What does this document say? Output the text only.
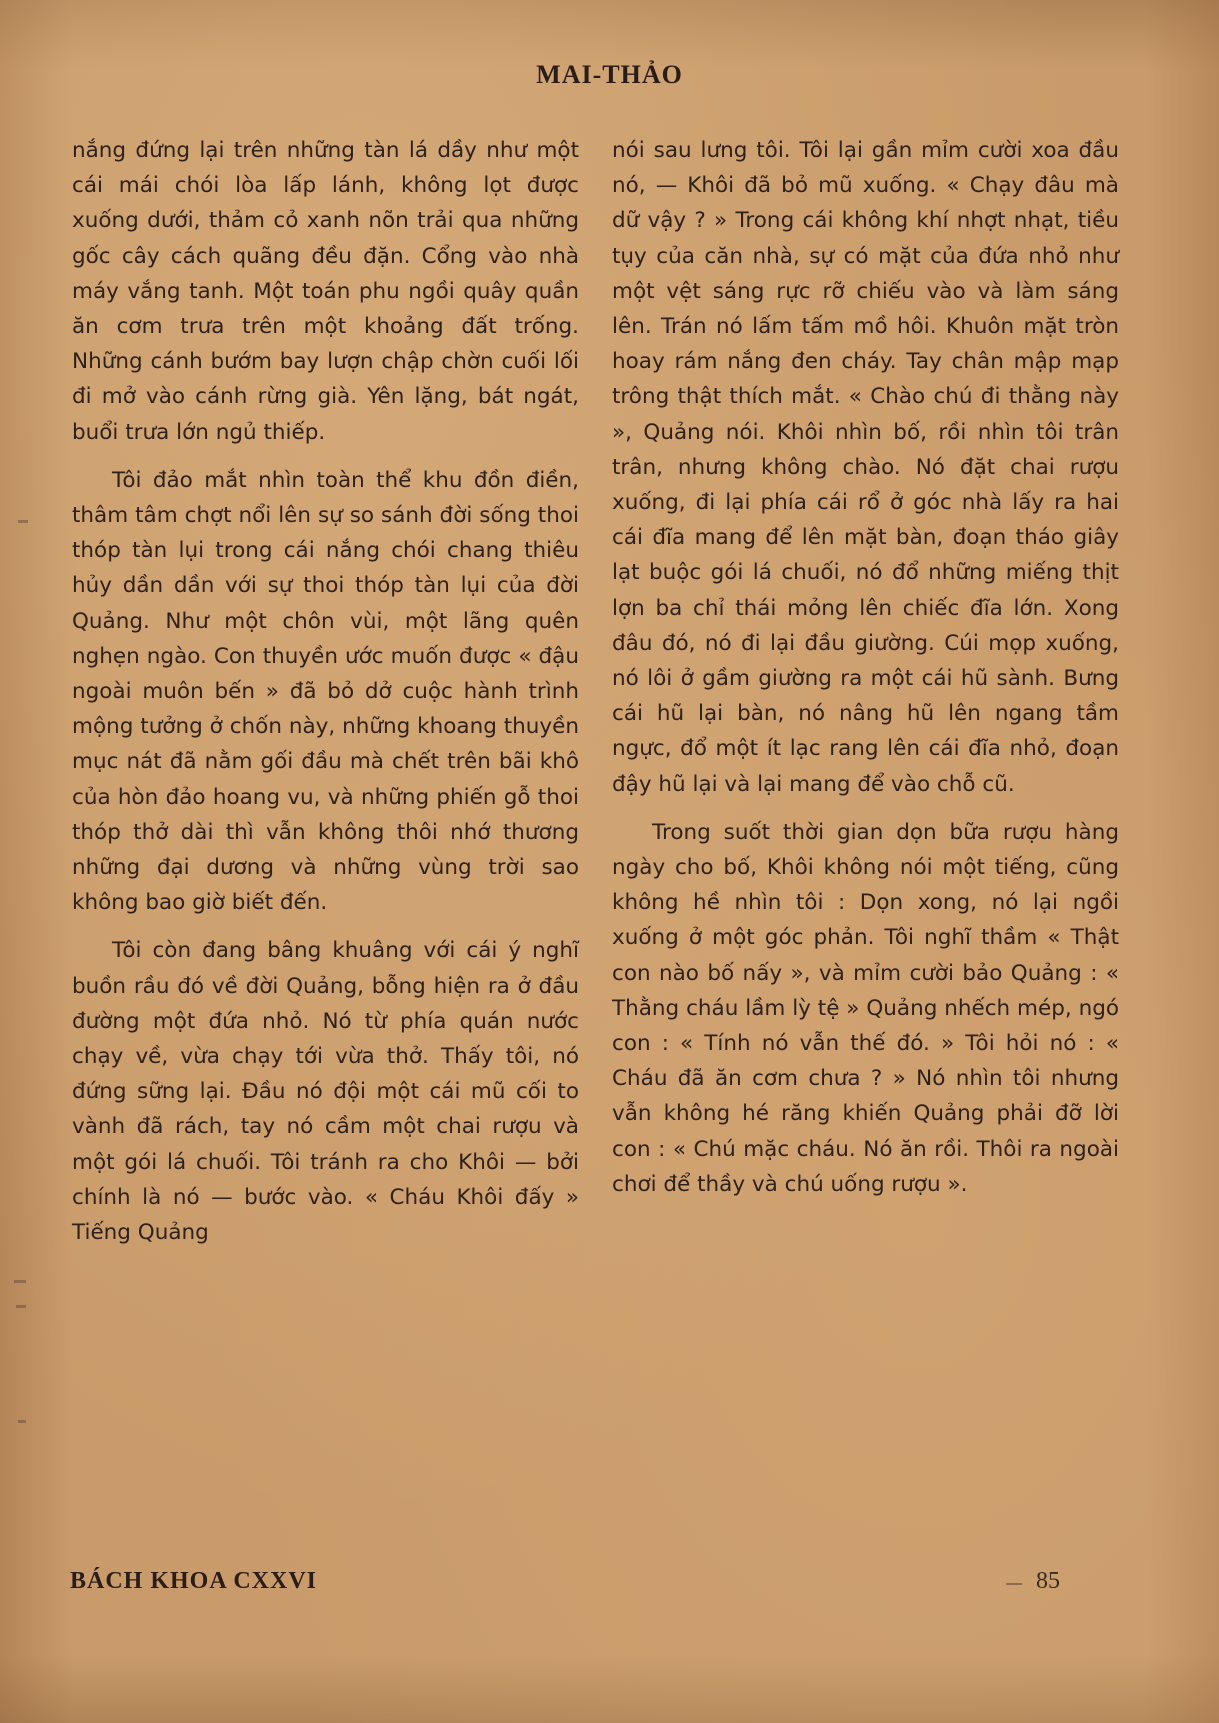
MAI-THẢO

nắng đứng lại trên những tàn lá dầy như một cái mái chói lòa lấp lánh, không lọt được xuống dưới, thảm cỏ xanh nõn trải qua những gốc cây cách quãng đều đặn. Cổng vào nhà máy vắng tanh. Một toán phu ngồi quây quần ăn cơm trưa trên một khoảng đất trống. Những cánh bướm bay lượn chập chờn cuối lối đi mở vào cánh rừng già. Yên lặng, bát ngát, buổi trưa lớn ngủ thiếp.

Tôi đảo mắt nhìn toàn thể khu đồn điền, thâm tâm chợt nổi lên sự so sánh đời sống thoi thóp tàn lụi trong cái nắng chói chang thiêu hủy dần dần với sự thoi thóp tàn lụi của đời Quảng. Như một chôn vùi, một lãng quên nghẹn ngào. Con thuyền ước muốn được « đậu ngoài muôn bến » đã bỏ dở cuộc hành trình mộng tưởng ở chốn này, những khoang thuyền mục nát đã nằm gối đầu mà chết trên bãi khô của hòn đảo hoang vu, và những phiến gỗ thoi thóp thở dài thì vẫn không thôi nhớ thương những đại dương và những vùng trời sao không bao giờ biết đến.

Tôi còn đang bâng khuâng với cái ý nghĩ buồn rầu đó về đời Quảng, bỗng hiện ra ở đầu đường một đứa nhỏ. Nó từ phía quán nước chạy về, vừa chạy tới vừa thở. Thấy tôi, nó đứng sững lại. Đầu nó đội một cái mũ cối to vành đã rách, tay nó cầm một chai rượu và một gói lá chuối. Tôi tránh ra cho Khôi — bởi chính là nó — bước vào. « Cháu Khôi đấy » Tiếng Quảng

nói sau lưng tôi. Tôi lại gần mỉm cười xoa đầu nó, — Khôi đã bỏ mũ xuống. « Chạy đâu mà dữ vậy ? » Trong cái không khí nhợt nhạt, tiều tụy của căn nhà, sự có mặt của đứa nhỏ như một vệt sáng rực rỡ chiếu vào và làm sáng lên. Trán nó lấm tấm mồ hôi. Khuôn mặt tròn hoay rám nắng đen cháy. Tay chân mập mạp trông thật thích mắt. « Chào chú đi thằng này », Quảng nói. Khôi nhìn bố, rồi nhìn tôi trân trân, nhưng không chào. Nó đặt chai rượu xuống, đi lại phía cái rổ ở góc nhà lấy ra hai cái đĩa mang để lên mặt bàn, đoạn tháo giây lạt buộc gói lá chuối, nó đổ những miếng thịt lợn ba chỉ thái mỏng lên chiếc đĩa lớn. Xong đâu đó, nó đi lại đầu giường. Cúi mọp xuống, nó lôi ở gầm giường ra một cái hũ sành. Bưng cái hũ lại bàn, nó nâng hũ lên ngang tầm ngực, đổ một ít lạc rang lên cái đĩa nhỏ, đoạn đậy hũ lại và lại mang để vào chỗ cũ.

Trong suốt thời gian dọn bữa rượu hàng ngày cho bố, Khôi không nói một tiếng, cũng không hề nhìn tôi : Dọn xong, nó lại ngồi xuống ở một góc phản. Tôi nghĩ thầm « Thật con nào bố nấy », và mỉm cười bảo Quảng : « Thằng cháu lầm lỳ tệ » Quảng nhếch mép, ngó con : « Tính nó vẫn thế đó. » Tôi hỏi nó : « Cháu đã ăn cơm chưa ? » Nó nhìn tôi nhưng vẫn không hé răng khiến Quảng phải đỡ lời con : « Chú mặc cháu. Nó ăn rồi. Thôi ra ngoài chơi để thầy và chú uống rượu ».

BÁCH KHOA CXXVI	85
